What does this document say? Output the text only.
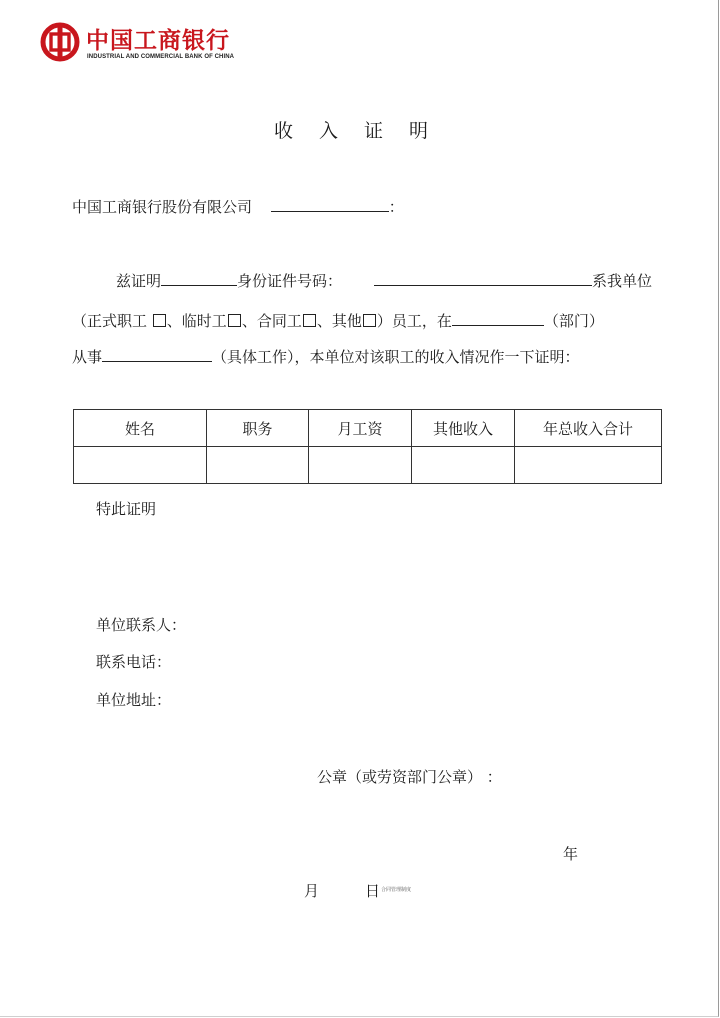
中国工商银行
INDUSTRIAL AND COMMERCIAL BANK OF CHINA
收 入 证 明
中国工商银行股份有限公司	：
兹证明	身份证件号码：	系我单位
（正式职工 、临时工 、合同工 、其他 ）员工，在	（部门）
从事	（具体工作），本单位对该职工的收入情况作一下证明：
姓名	职务	月工资	其他收入	年总收入合计

特此证明
单位联系人：
联系电话：
单位地址：
公章（或劳资部门公章） ：
年
月	日 合同管理制度
